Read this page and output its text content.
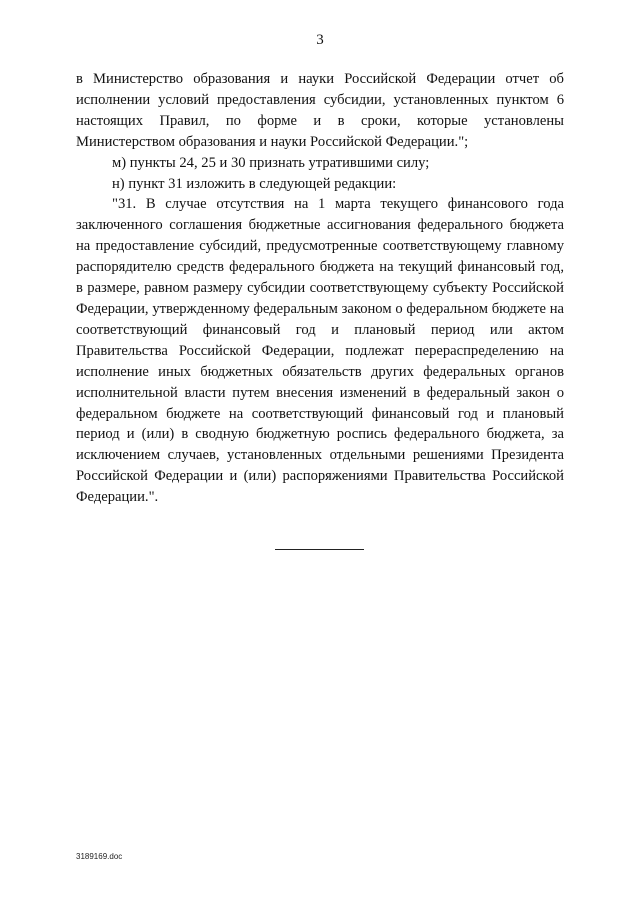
3

в Министерство образования и науки Российской Федерации отчет об исполнении условий предоставления субсидии, установленных пунктом 6 настоящих Правил, по форме и в сроки, которые установлены Министерством образования и науки Российской Федерации.";

м) пункты 24, 25 и 30 признать утратившими силу;

н) пункт 31 изложить в следующей редакции:

"31. В случае отсутствия на 1 марта текущего финансового года заключенного соглашения бюджетные ассигнования федерального бюджета на предоставление субсидий, предусмотренные соответствующему главному распорядителю средств федерального бюджета на текущий финансовый год, в размере, равном размеру субсидии соответствующему субъекту Российской Федерации, утвержденному федеральным законом о федеральном бюджете на соответствующий финансовый год и плановый период или актом Правительства Российской Федерации, подлежат перераспределению на исполнение иных бюджетных обязательств других федеральных органов исполнительной власти путем внесения изменений в федеральный закон о федеральном бюджете на соответствующий финансовый год и плановый период и (или) в сводную бюджетную роспись федерального бюджета, за исключением случаев, установленных отдельными решениями Президента Российской Федерации и (или) распоряжениями Правительства Российской Федерации.".

3189169.doc
